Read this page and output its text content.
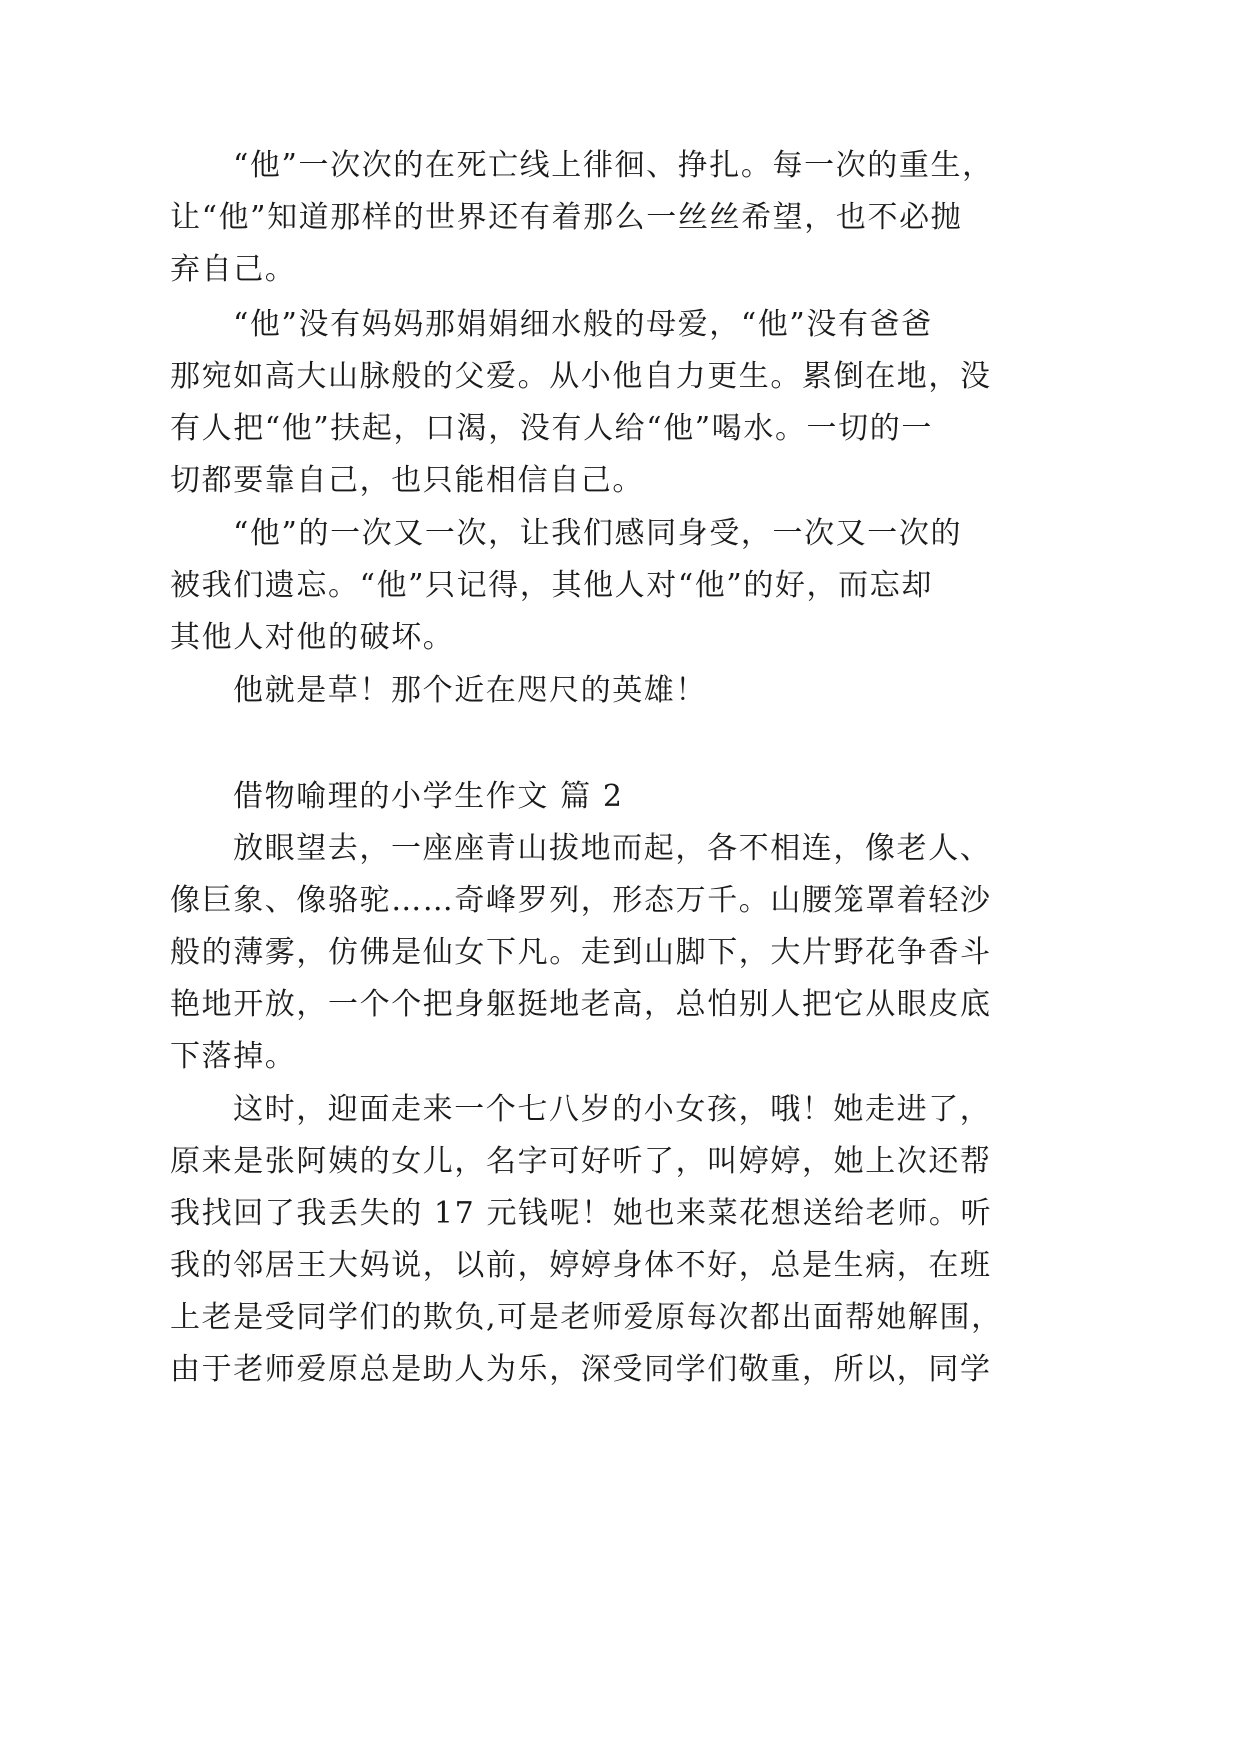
“他”一次次的在死亡线上徘徊、挣扎。每一次的重生，
让“他”知道那样的世界还有着那么一丝丝希望，也不必抛
弃自己。
“他”没有妈妈那娟娟细水般的母爱，“他”没有爸爸
那宛如高大山脉般的父爱。从小他自力更生。累倒在地，没
有人把“他”扶起，口渴，没有人给“他”喝水。一切的一
切都要靠自己，也只能相信自己。
“他”的一次又一次，让我们感同身受，一次又一次的
被我们遗忘。“他”只记得，其他人对“他”的好，而忘却
其他人对他的破坏。
他就是草！那个近在咫尺的英雄！
借物喻理的小学生作文 篇 2
放眼望去，一座座青山拔地而起，各不相连，像老人、
像巨象、像骆驼……奇峰罗列，形态万千。山腰笼罩着轻沙
般的薄雾，仿佛是仙女下凡。走到山脚下，大片野花争香斗
艳地开放，一个个把身躯挺地老高，总怕别人把它从眼皮底
下落掉。
这时，迎面走来一个七八岁的小女孩，哦！她走进了，
原来是张阿姨的女儿，名字可好听了，叫婷婷，她上次还帮
我找回了我丢失的 17 元钱呢！她也来菜花想送给老师。听
我的邻居王大妈说，以前，婷婷身体不好，总是生病，在班
上老是受同学们的欺负,可是老师爱原每次都出面帮她解围，
由于老师爱原总是助人为乐，深受同学们敬重，所以，同学
